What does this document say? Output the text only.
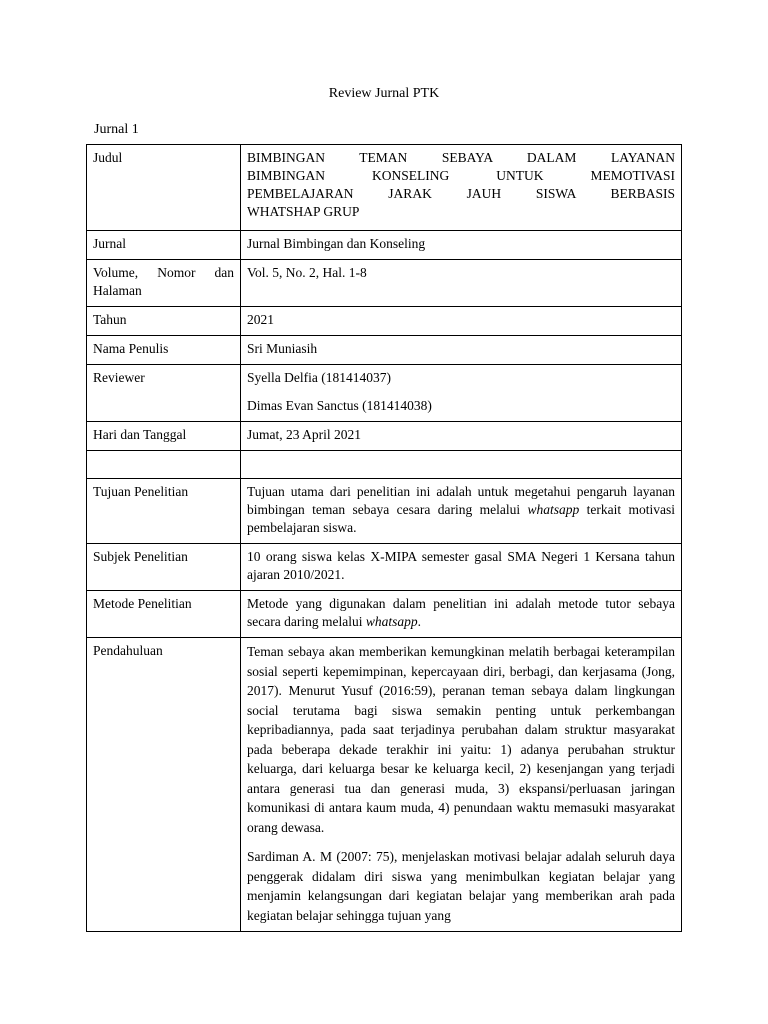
Review Jurnal PTK
Jurnal 1
Judul	BIMBINGAN TEMAN SEBAYA DALAM LAYANAN
BIMBINGAN KONSELING UNTUK MEMOTIVASI
PEMBELAJARAN JARAK JAUH SISWA BERBASIS
WHATSHAP GRUP

Jurnal	Jurnal Bimbingan dan Konseling
Volume, Nomor dan Halaman	Vol. 5, No. 2, Hal. 1-8
Tahun	2021
Nama Penulis	Sri Muniasih
Reviewer	Syella Delfia (181414037)
Dimas Evan Sanctus (181414038)

Hari dan Tanggal	Jumat, 23 April 2021

Tujuan Penelitian	Tujuan utama dari penelitian ini adalah untuk megetahui pengaruh layanan bimbingan teman sebaya cesara daring melalui whatsapp terkait motivasi pembelajaran siswa.
Subjek Penelitian	10 orang siswa kelas X-MIPA semester gasal SMA Negeri 1 Kersana tahun ajaran 2010/2021.
Metode Penelitian	Metode yang digunakan dalam penelitian ini adalah metode tutor sebaya secara daring melalui whatsapp.
Pendahuluan	Teman sebaya akan memberikan kemungkinan melatih berbagai keterampilan sosial seperti kepemimpinan, kepercayaan diri, berbagi, dan kerjasama (Jong, 2017). Menurut Yusuf (2016:59), peranan teman sebaya dalam lingkungan social terutama bagi siswa semakin penting untuk perkembangan kepribadiannya, pada saat terjadinya perubahan dalam struktur masyarakat pada beberapa dekade terakhir ini yaitu: 1) adanya perubahan struktur keluarga, dari keluarga besar ke keluarga kecil, 2) kesenjangan yang terjadi antara generasi tua dan generasi muda, 3) ekspansi/perluasan jaringan komunikasi di antara kaum muda, 4) penundaan waktu memasuki masyarakat orang dewasa.

Sardiman A. M (2007: 75), menjelaskan motivasi belajar adalah seluruh daya penggerak didalam diri siswa yang menimbulkan kegiatan belajar yang menjamin kelangsungan dari kegiatan belajar yang memberikan arah pada kegiatan belajar sehingga tujuan yang
